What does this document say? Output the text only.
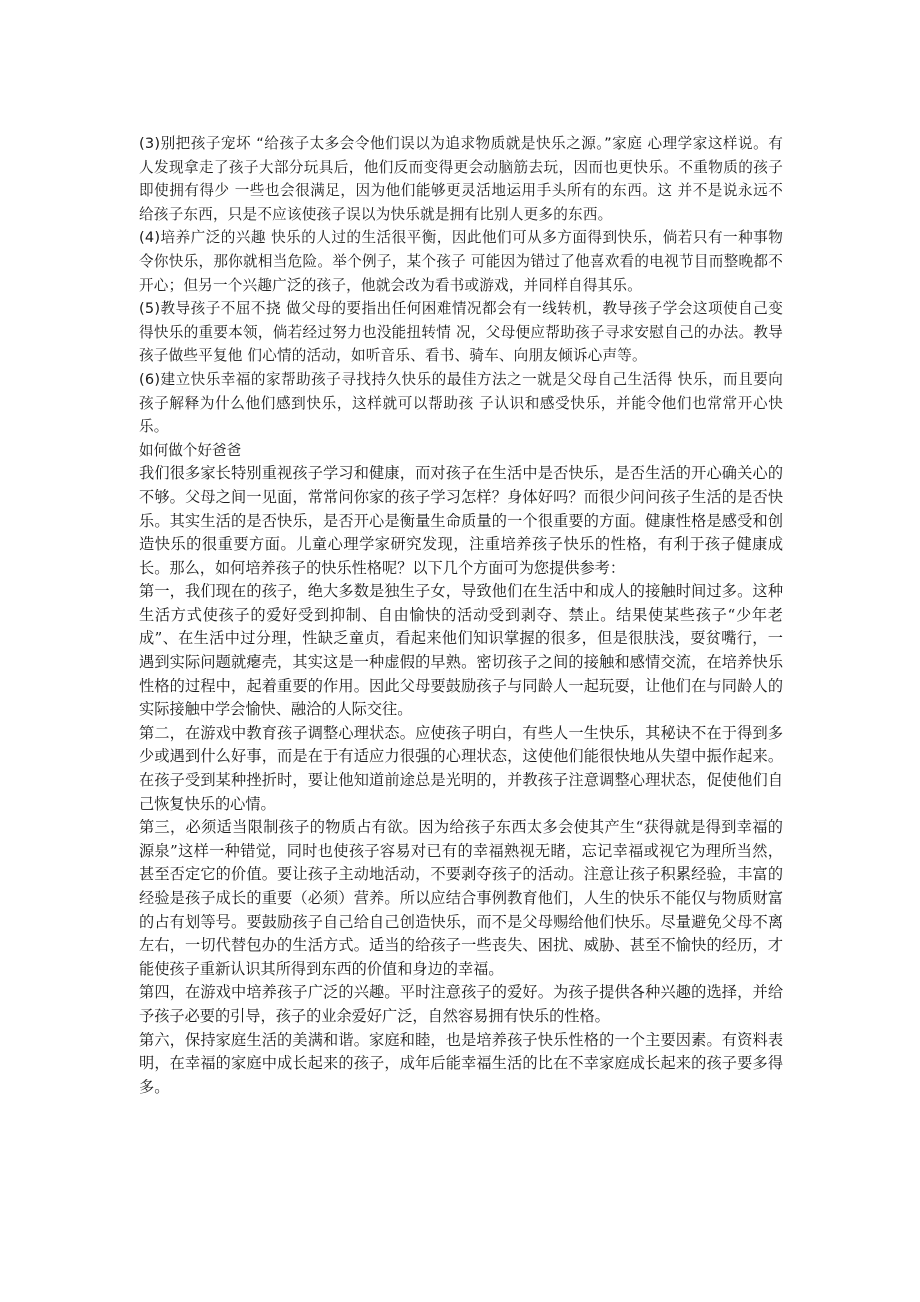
(3)别把孩子宠坏 “给孩子太多会令他们误以为追求物质就是快乐之源。”家庭 心理学家这样说。有人发现拿走了孩子大部分玩具后，他们反而变得更会动脑筋去玩，因而也更快乐。不重物质的孩子即使拥有得少 一些也会很满足，因为他们能够更灵活地运用手头所有的东西。这 并不是说永远不给孩子东西，只是不应该使孩子误以为快乐就是拥有比别人更多的东西。

(4)培养广泛的兴趣 快乐的人过的生活很平衡，因此他们可从多方面得到快乐，倘若只有一种事物令你快乐，那你就相当危险。举个例子，某个孩子 可能因为错过了他喜欢看的电视节目而整晚都不开心；但另一个兴趣广泛的孩子，他就会改为看书或游戏，并同样自得其乐。

(5)教导孩子不屈不挠 做父母的要指出任何困难情况都会有一线转机，教导孩子学会这项使自己变得快乐的重要本领，倘若经过努力也没能扭转情 况，父母便应帮助孩子寻求安慰自己的办法。教导孩子做些平复他 们心情的活动，如听音乐、看书、骑车、向朋友倾诉心声等。

(6)建立快乐幸福的家帮助孩子寻找持久快乐的最佳方法之一就是父母自己生活得 快乐，而且要向孩子解释为什么他们感到快乐，这样就可以帮助孩 子认识和感受快乐，并能令他们也常常开心快乐。

如何做个好爸爸

我们很多家长特别重视孩子学习和健康，而对孩子在生活中是否快乐，是否生活的开心确关心的不够。父母之间一见面，常常问你家的孩子学习怎样？身体好吗？而很少问问孩子生活的是否快乐。其实生活的是否快乐，是否开心是衡量生命质量的一个很重要的方面。健康性格是感受和创造快乐的很重要方面。儿童心理学家研究发现，注重培养孩子快乐的性格，有利于孩子健康成长。那么，如何培养孩子的快乐性格呢？以下几个方面可为您提供参考：

第一，我们现在的孩子，绝大多数是独生子女，导致他们在生活中和成人的接触时间过多。这种生活方式使孩子的爱好受到抑制、自由愉快的活动受到剥夺、禁止。结果使某些孩子“少年老成”、在生活中过分理，性缺乏童贞，看起来他们知识掌握的很多，但是很肤浅，耍贫嘴行，一遇到实际问题就瘪壳，其实这是一种虚假的早熟。密切孩子之间的接触和感情交流，在培养快乐性格的过程中，起着重要的作用。因此父母要鼓励孩子与同龄人一起玩耍，让他们在与同龄人的实际接触中学会愉快、融洽的人际交往。

第二，在游戏中教育孩子调整心理状态。应使孩子明白，有些人一生快乐，其秘诀不在于得到多少或遇到什么好事，而是在于有适应力很强的心理状态，这使他们能很快地从失望中振作起来。在孩子受到某种挫折时，要让他知道前途总是光明的，并教孩子注意调整心理状态，促使他们自己恢复快乐的心情。

第三，必须适当限制孩子的物质占有欲。因为给孩子东西太多会使其产生“获得就是得到幸福的源泉”这样一种错觉，同时也使孩子容易对已有的幸福熟视无睹，忘记幸福或视它为理所当然，甚至否定它的价值。要让孩子主动地活动，不要剥夺孩子的活动。注意让孩子积累经验，丰富的经验是孩子成长的重要（必须）营养。所以应结合事例教育他们，人生的快乐不能仅与物质财富的占有划等号。要鼓励孩子自己给自己创造快乐，而不是父母赐给他们快乐。尽量避免父母不离左右，一切代替包办的生活方式。适当的给孩子一些丧失、困扰、威胁、甚至不愉快的经历，才能使孩子重新认识其所得到东西的价值和身边的幸福。

第四，在游戏中培养孩子广泛的兴趣。平时注意孩子的爱好。为孩子提供各种兴趣的选择，并给予孩子必要的引导，孩子的业余爱好广泛，自然容易拥有快乐的性格。

第六，保持家庭生活的美满和谐。家庭和睦，也是培养孩子快乐性格的一个主要因素。有资料表明，在幸福的家庭中成长起来的孩子，成年后能幸福生活的比在不幸家庭成长起来的孩子要多得多。
